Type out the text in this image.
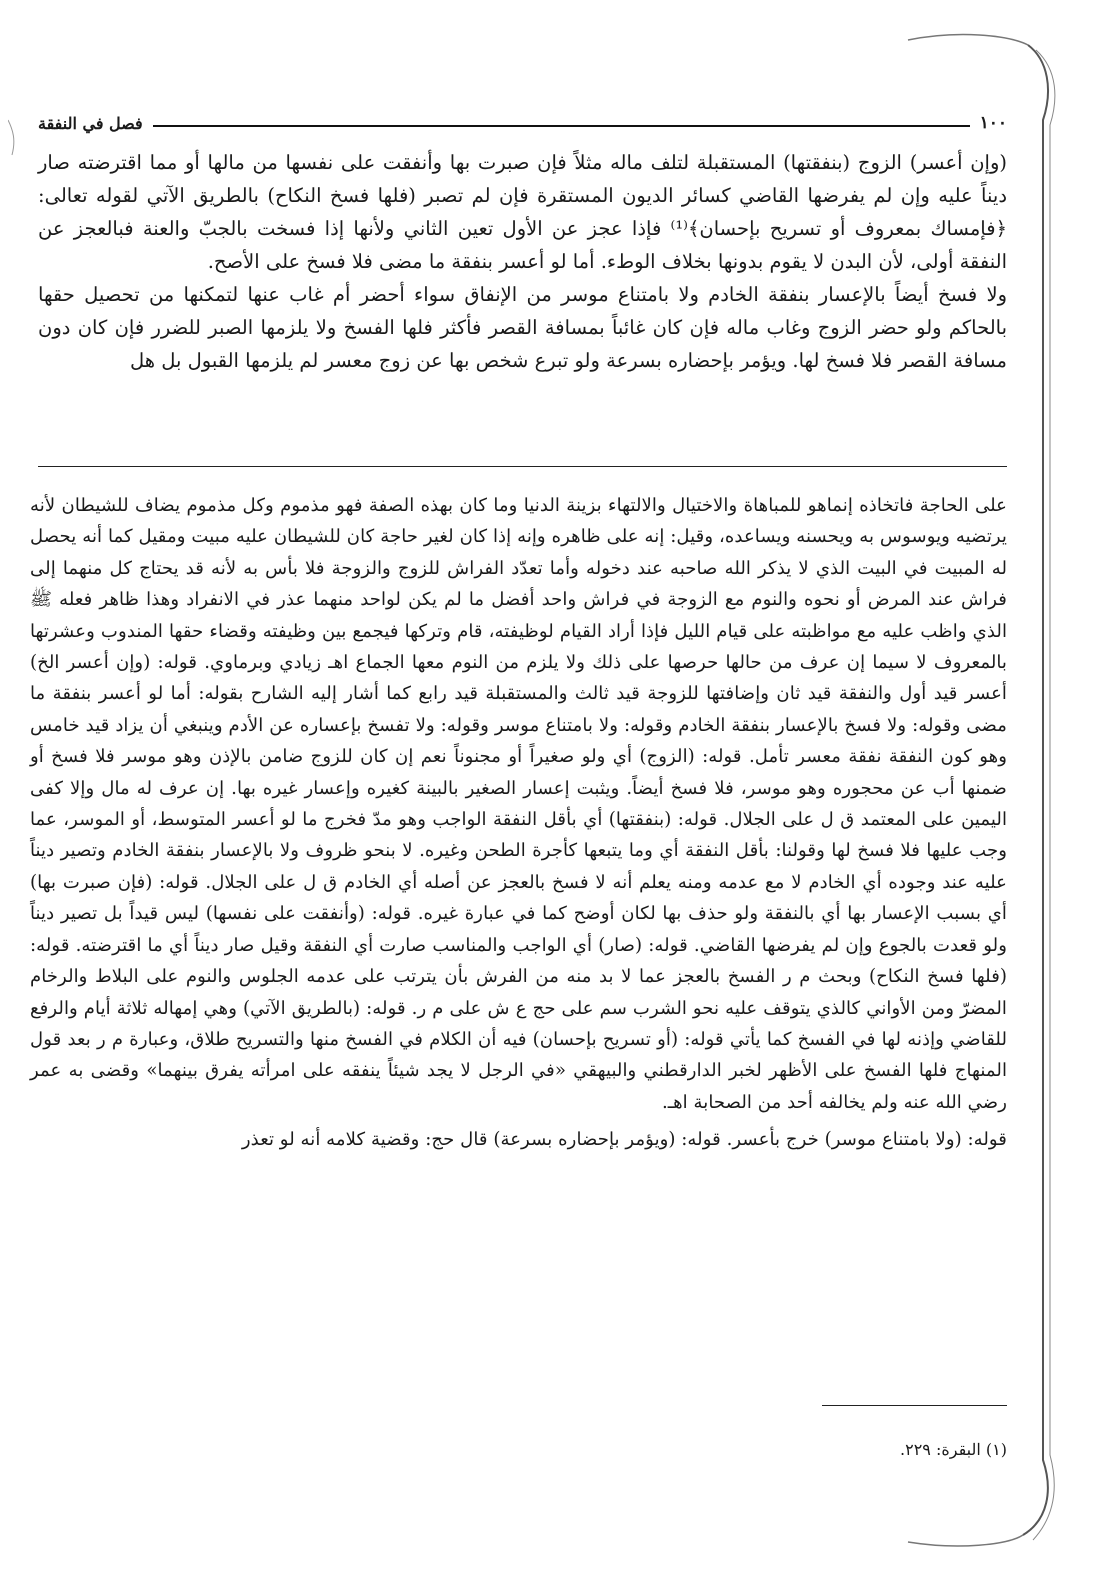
١٠٠
فصل في النفقة

(وإن أعسر) الزوج (بنفقتها) المستقبلة لتلف ماله مثلاً فإن صبرت بها وأنفقت على نفسها من مالها أو مما اقترضته صار ديناً عليه وإن لم يفرضها القاضي كسائر الديون المستقرة فإن لم تصبر (فلها فسخ النكاح) بالطريق الآتي لقوله تعالى: ﴿فإمساك بمعروف أو تسريح بإحسان﴾⁽¹⁾ فإذا عجز عن الأول تعين الثاني ولأنها إذا فسخت بالجبّ والعنة فبالعجز عن النفقة أولى، لأن البدن لا يقوم بدونها بخلاف الوطء. أما لو أعسر بنفقة ما مضى فلا فسخ على الأصح.

ولا فسخ أيضاً بالإعسار بنفقة الخادم ولا بامتناع موسر من الإنفاق سواء أحضر أم غاب عنها لتمكنها من تحصيل حقها بالحاكم ولو حضر الزوج وغاب ماله فإن كان غائباً بمسافة القصر فأكثر فلها الفسخ ولا يلزمها الصبر للضرر فإن كان دون مسافة القصر فلا فسخ لها. ويؤمر بإحضاره بسرعة ولو تبرع شخص بها عن زوج معسر لم يلزمها القبول بل هل

على الحاجة فاتخاذه إنماهو للمباهاة والاختيال والالتهاء بزينة الدنيا وما كان بهذه الصفة فهو مذموم وكل مذموم يضاف للشيطان لأنه يرتضيه ويوسوس به ويحسنه ويساعده، وقيل: إنه على ظاهره وإنه إذا كان لغير حاجة كان للشيطان عليه مبيت ومقيل كما أنه يحصل له المبيت في البيت الذي لا يذكر الله صاحبه عند دخوله وأما تعدّد الفراش للزوج والزوجة فلا بأس به لأنه قد يحتاج كل منهما إلى فراش عند المرض أو نحوه والنوم مع الزوجة في فراش واحد أفضل ما لم يكن لواحد منهما عذر في الانفراد وهذا ظاهر فعله ﷺ الذي واظب عليه مع مواظبته على قيام الليل فإذا أراد القيام لوظيفته، قام وتركها فيجمع بين وظيفته وقضاء حقها المندوب وعشرتها بالمعروف لا سيما إن عرف من حالها حرصها على ذلك ولا يلزم من النوم معها الجماع اهـ زيادي وبرماوي. قوله: (وإن أعسر الخ) أعسر قيد أول والنفقة قيد ثان وإضافتها للزوجة قيد ثالث والمستقبلة قيد رابع كما أشار إليه الشارح بقوله: أما لو أعسر بنفقة ما مضى وقوله: ولا فسخ بالإعسار بنفقة الخادم وقوله: ولا بامتناع موسر وقوله: ولا تفسخ بإعساره عن الأدم وينبغي أن يزاد قيد خامس وهو كون النفقة نفقة معسر تأمل. قوله: (الزوج) أي ولو صغيراً أو مجنوناً نعم إن كان للزوج ضامن بالإذن وهو موسر فلا فسخ أو ضمنها أب عن محجوره وهو موسر، فلا فسخ أيضاً. ويثبت إعسار الصغير بالبينة كغيره وإعسار غيره بها. إن عرف له مال وإلا كفى اليمين على المعتمد ق ل على الجلال. قوله: (بنفقتها) أي بأقل النفقة الواجب وهو مدّ فخرج ما لو أعسر المتوسط، أو الموسر، عما وجب عليها فلا فسخ لها وقولنا: بأقل النفقة أي وما يتبعها كأجرة الطحن وغيره. لا بنحو ظروف ولا بالإعسار بنفقة الخادم وتصير ديناً عليه عند وجوده أي الخادم لا مع عدمه ومنه يعلم أنه لا فسخ بالعجز عن أصله أي الخادم ق ل على الجلال. قوله: (فإن صبرت بها) أي بسبب الإعسار بها أي بالنفقة ولو حذف بها لكان أوضح كما في عبارة غيره. قوله: (وأنفقت على نفسها) ليس قيداً بل تصير ديناً ولو قعدت بالجوع وإن لم يفرضها القاضي. قوله: (صار) أي الواجب والمناسب صارت أي النفقة وقيل صار ديناً أي ما اقترضته. قوله: (فلها فسخ النكاح) وبحث م ر الفسخ بالعجز عما لا بد منه من الفرش بأن يترتب على عدمه الجلوس والنوم على البلاط والرخام المضرّ ومن الأواني كالذي يتوقف عليه نحو الشرب سم على حج ع ش على م ر. قوله: (بالطريق الآتي) وهي إمهاله ثلاثة أيام والرفع للقاضي وإذنه لها في الفسخ كما يأتي قوله: (أو تسريح بإحسان) فيه أن الكلام في الفسخ منها والتسريح طلاق، وعبارة م ر بعد قول المنهاج فلها الفسخ على الأظهر لخبر الدارقطني والبيهقي «في الرجل لا يجد شيئاً ينفقه على امرأته يفرق بينهما» وقضى به عمر رضي الله عنه ولم يخالفه أحد من الصحابة اهـ.

قوله: (ولا بامتناع موسر) خرج بأعسر. قوله: (ويؤمر بإحضاره بسرعة) قال حج: وقضية كلامه أنه لو تعذر

(١) البقرة: ٢٢٩.
